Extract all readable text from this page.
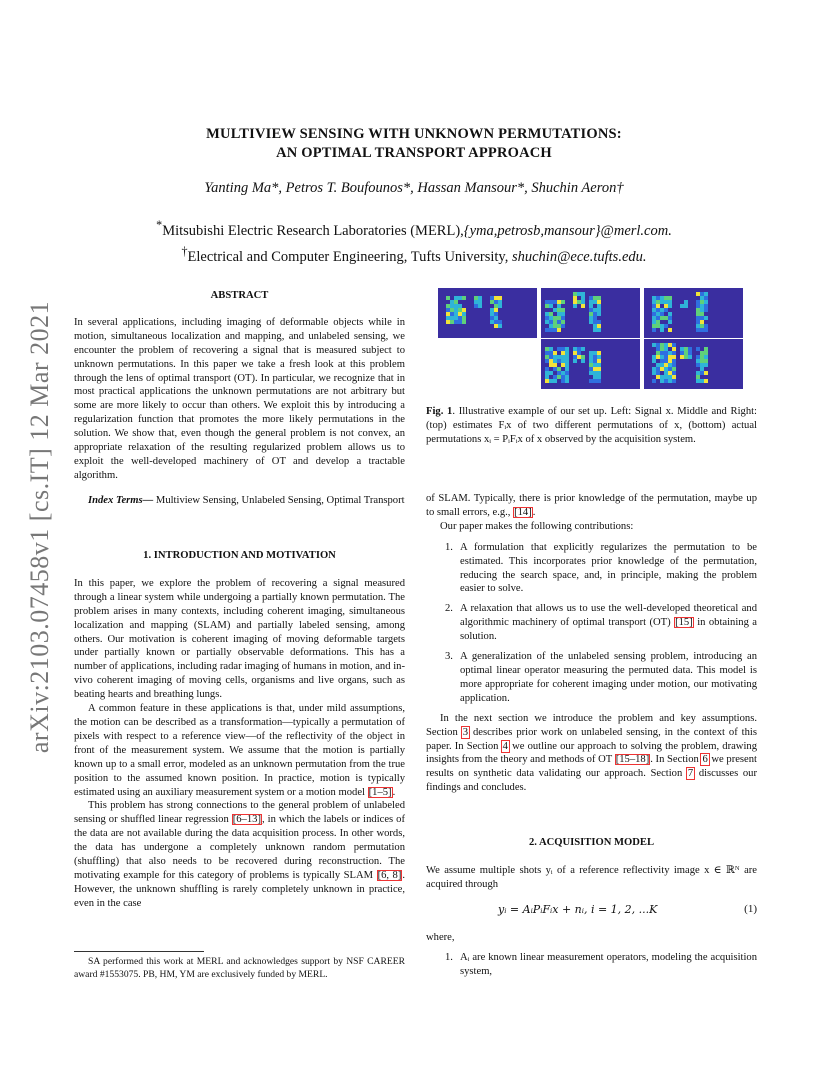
MULTIVIEW SENSING WITH UNKNOWN PERMUTATIONS:
AN OPTIMAL TRANSPORT APPROACH
Yanting Ma*, Petros T. Boufounos*, Hassan Mansour*, Shuchin Aeron†
*Mitsubishi Electric Research Laboratories (MERL),{yma,petrosb,mansour}@merl.com.
†Electrical and Computer Engineering, Tufts University, shuchin@ece.tufts.edu.
arXiv:2103.07458v1 [cs.IT] 12 Mar 2021
ABSTRACT

In several applications, including imaging of deformable objects while in motion, simultaneous localization and mapping, and unlabeled sensing, we encounter the problem of recovering a signal that is measured subject to unknown permutations. In this paper we take a fresh look at this problem through the lens of optimal transport (OT). In particular, we recognize that in most practical applications the unknown permutations are not arbitrary but some are more likely to occur than others. We exploit this by introducing a regularization function that promotes the more likely permutations in the solution. We show that, even though the general problem is not convex, an appropriate relaxation of the resulting regularized problem allows us to exploit the well-developed machinery of OT and develop a tractable algorithm.

Index Terms— Multiview Sensing, Unlabeled Sensing, Optimal Transport

1. INTRODUCTION AND MOTIVATION

In this paper, we explore the problem of recovering a signal measured through a linear system while undergoing a partially known permutation. The problem arises in many contexts, including coherent imaging, simultaneous localization and mapping (SLAM) and partially labeled sensing, among others. Our motivation is coherent imaging of moving deformable targets under partially known or partially observable deformations. This has a number of applications, including radar imaging of humans in motion, and in-vivo coherent imaging of moving cells, organisms and live organs, such as beating hearts and breathing lungs.

A common feature in these applications is that, under mild assumptions, the motion can be described as a transformation—typically a permutation of pixels with respect to a reference view—of the reflectivity of the object in front of the measurement system. We assume that the motion is partially known up to a small error, modeled as an unknown permutation from the true position to the assumed known position. In practice, motion is typically estimated using an auxiliary measurement system or a motion model [1–5].

This problem has strong connections to the general problem of unlabeled sensing or shuffled linear regression [6–13], in which the labels or indices of the data are not available during the data acquisition process. In other words, the data has undergone a completely unknown random permutation (shuffling) that also needs to be recovered during reconstruction. The motivating example for this category of problems is typically SLAM [6, 8]. However, the unknown shuffling is rarely completely unknown in practice, even in the case

SA performed this work at MERL and acknowledges support by NSF CAREER award #1553075. PB, HM, YM are exclusively funded by MERL.

Fig. 1. Illustrative example of our set up. Left: Signal x. Middle and Right: (top) estimates Fᵢx of two different permutations of x, (bottom) actual permutations xᵢ = PᵢFᵢx of x observed by the acquisition system.

of SLAM. Typically, there is prior knowledge of the permutation, maybe up to small errors, e.g., [14].

Our paper makes the following contributions:

1. A formulation that explicitly regularizes the permutation to be estimated. This incorporates prior knowledge of the permutation, reducing the search space, and, in principle, making the problem easier to solve.
2. A relaxation that allows us to use the well-developed theoretical and algorithmic machinery of optimal transport (OT) [15] in obtaining a solution.
3. A generalization of the unlabeled sensing problem, introducing an optimal linear operator measuring the permuted data. This model is more appropriate for coherent imaging under motion, our motivating application.

In the next section we introduce the problem and key assumptions. Section 3 describes prior work on unlabeled sensing, in the context of this paper. In Section 4 we outline our approach to solving the problem, drawing insights from the theory and methods of OT [15–18]. In Section 6 we present results on synthetic data validating our approach. Section 7 discusses our findings and concludes.

2. ACQUISITION MODEL

We assume multiple shots yᵢ of a reference reflectivity image x ∈ ℝᴺ are acquired through

yᵢ = AᵢPᵢFᵢx + nᵢ, i = 1, 2, ...K	(1)

where,

1. Aᵢ are known linear measurement operators, modeling the acquisition system,
